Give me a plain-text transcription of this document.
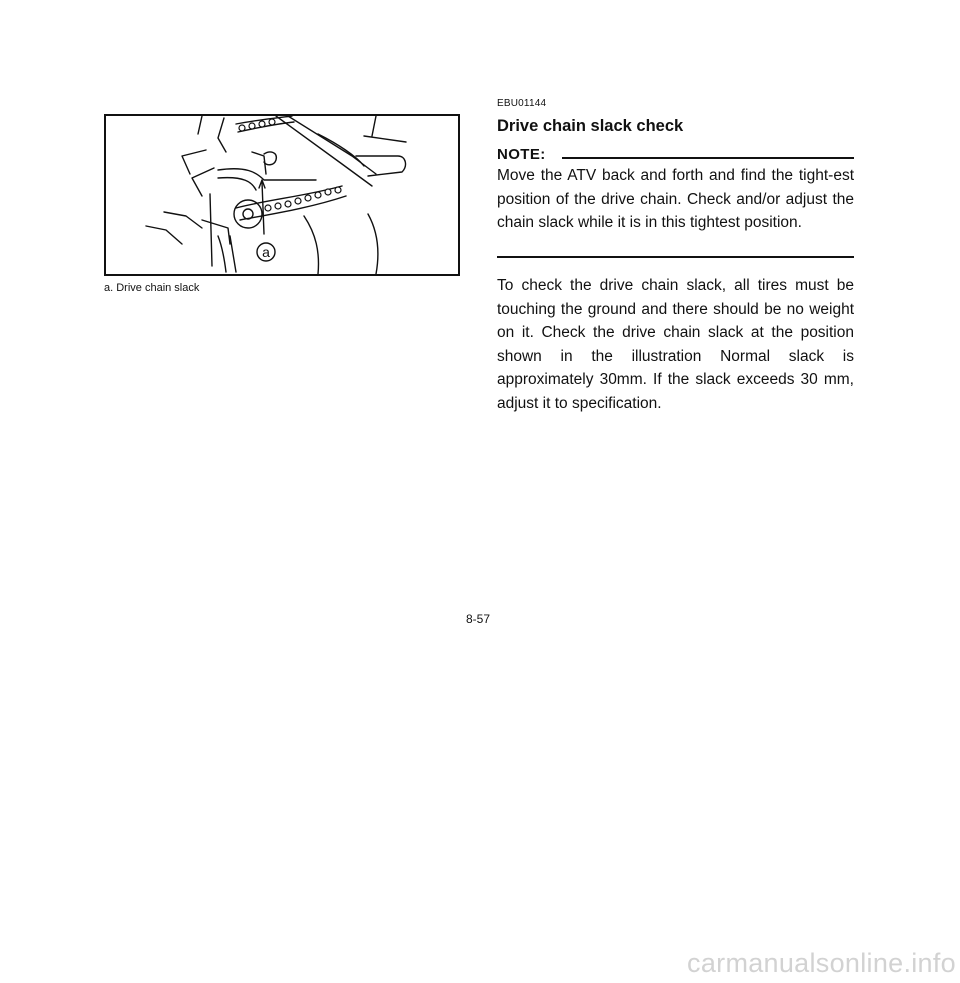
a
a. Drive chain slack
EBU01144
Drive chain slack check
NOTE:
Move the ATV back and forth and find the tight-est position of the drive chain. Check and/or adjust the chain slack while it is in this tightest position.
To check the drive chain slack, all tires must be touching the ground and there should be no weight on it. Check the drive chain slack at the position shown in the illustration Normal slack is approximately 30mm. If the slack exceeds 30 mm, adjust it to specification.
8-57
carmanualsonline.info
